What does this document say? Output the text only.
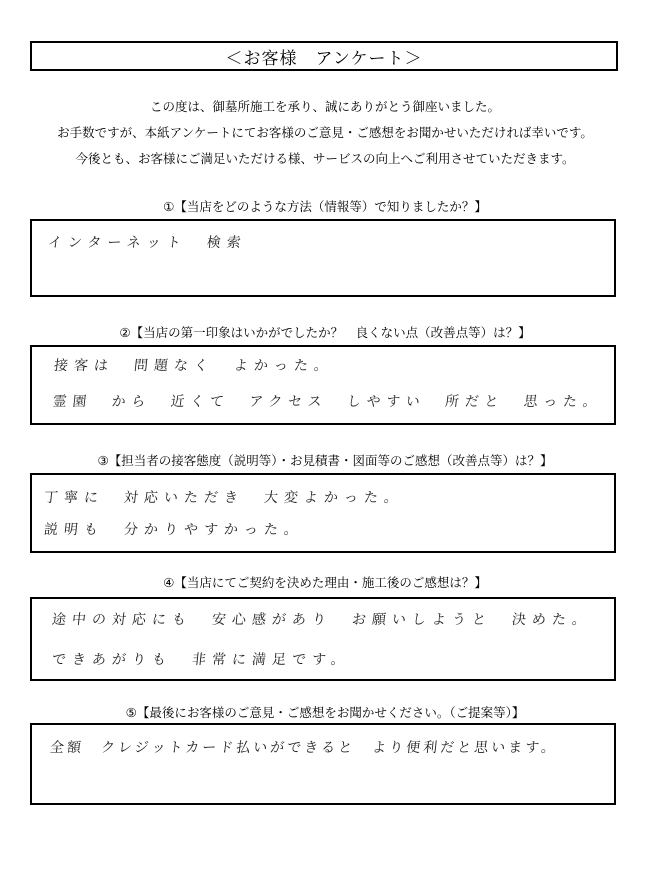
＜お客様　アンケート＞
この度は、御墓所施工を承り、誠にありがとう御座いました。
お手数ですが、本紙アンケートにてお客様のご意見・ご感想をお聞かせいただければ幸いです。
今後とも、お客様にご満足いただける様、サービスの向上へご利用させていただきます。
①【当店をどのような方法（情報等）で知りましたか？】
インターネット　検索
②【当店の第一印象はいかがでしたか？　良くない点（改善点等）は？】
接客は　問題なく　よかった。
霊園　から　近くて　アクセス　しやすい　所だと　思った。
③【担当者の接客態度（説明等）・お見積書・図面等のご感想（改善点等）は？】
丁寧に　対応いただき　大変よかった。
説明も　分かりやすかった。
④【当店にてご契約を決めた理由・施工後のご感想は？】
途中の対応にも　安心感があり　お願いしようと　決めた。
できあがりも　非常に満足です。
⑤【最後にお客様のご意見・ご感想をお聞かせください。（ご提案等）】
全額　クレジットカード払いができると　より便利だと思います。
